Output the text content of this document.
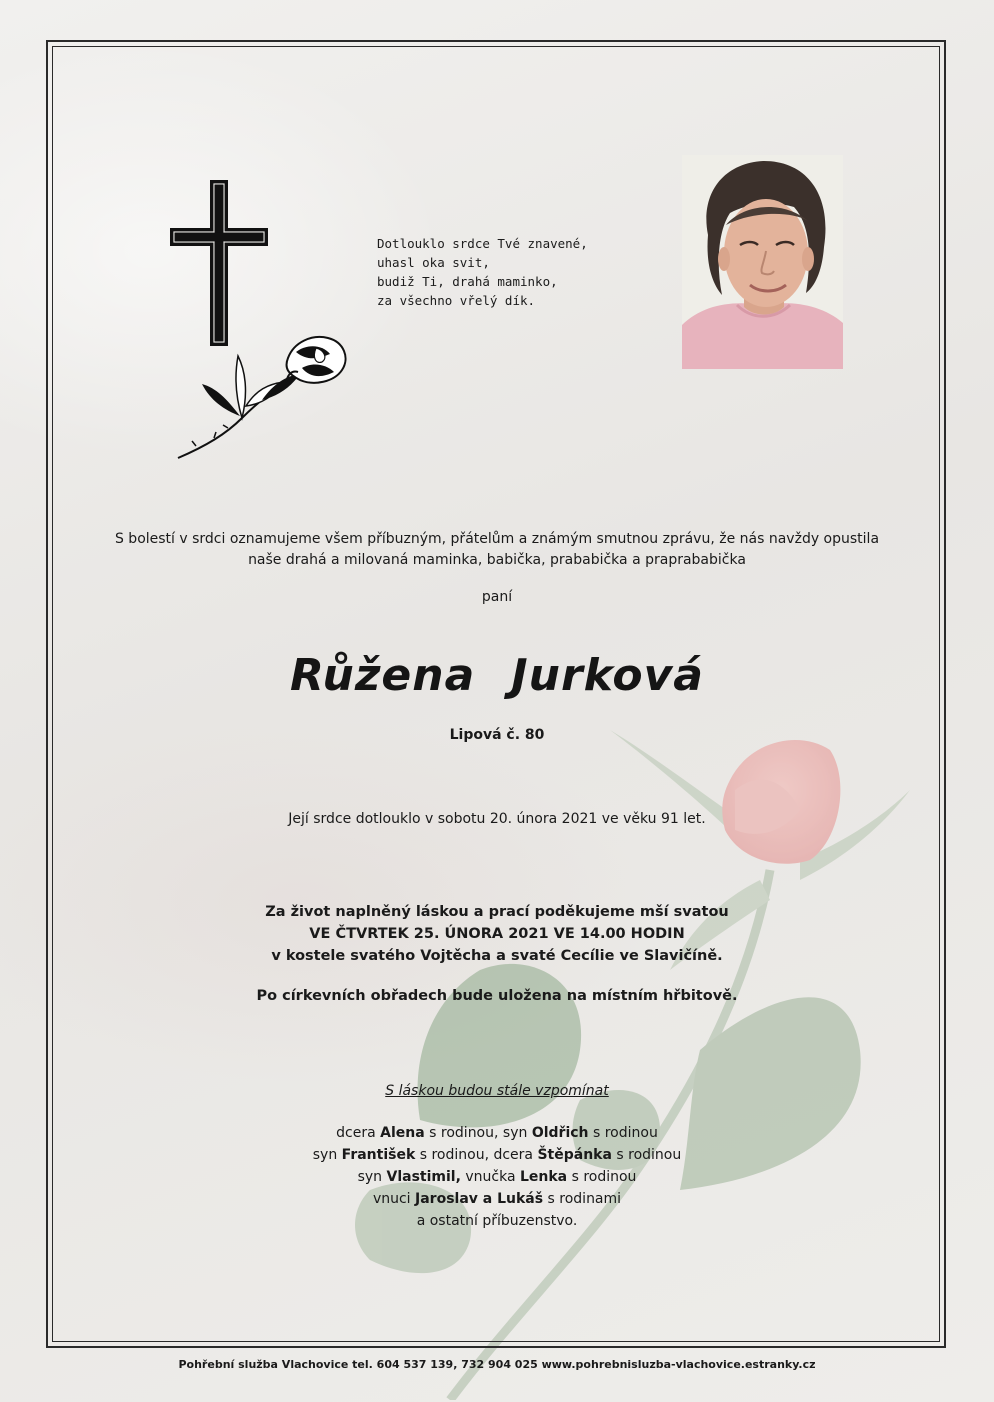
Dotlouklo srdce Tvé znavené,
uhasl oka svit,
budiž Ti, drahá maminko,
za všechno vřelý dík.
S bolestí v srdci oznamujeme všem příbuzným, přátelům a známým smutnou zprávu, že nás navždy opustila
naše drahá a milovaná maminka, babička, prababička a praprababička
paní
Růžena Jurková
Lipová č. 80
Její srdce dotlouklo v sobotu 20. února 2021 ve věku 91 let.
Za život naplněný láskou a prací poděkujeme mší svatou
VE ČTVRTEK 25. ÚNORA 2021 VE 14.00 HODIN
v kostele svatého Vojtěcha a svaté Cecílie ve Slavičíně.
Po církevních obřadech bude uložena na místním hřbitově.
S láskou budou stále vzpomínat
dcera Alena s rodinou, syn Oldřich s rodinou
syn František s rodinou, dcera Štěpánka s rodinou
syn Vlastimil, vnučka Lenka s rodinou
vnuci Jaroslav a Lukáš s rodinami
a ostatní příbuzenstvo.
Pohřební služba Vlachovice tel. 604 537 139, 732 904 025 www.pohrebnisluzba-vlachovice.estranky.cz
